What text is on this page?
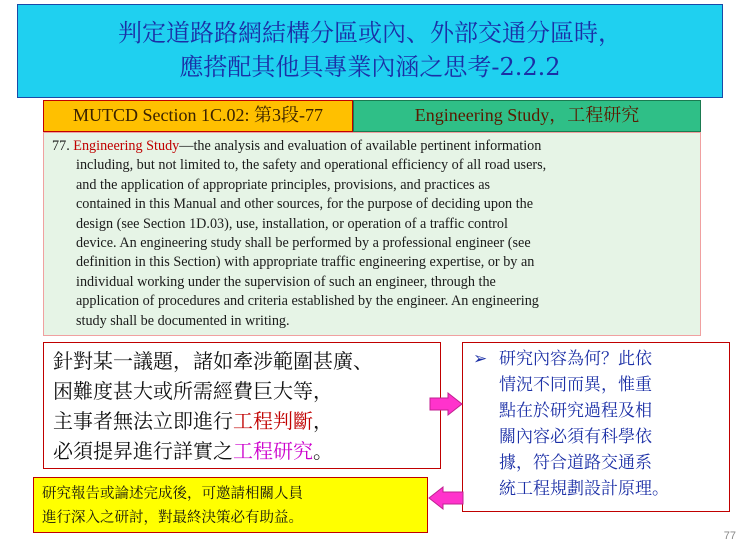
判定道路路網結構分區或內、外部交通分區時，
應搭配其他具專業內涵之思考-2.2.2
MUTCD Section 1C.02: 第3段-77	Engineering Study，工程研究
77. Engineering Study—the analysis and evaluation of available pertinent information
including, but not limited to, the safety and operational efficiency of all road users,
and the application of appropriate principles, provisions, and practices as
contained in this Manual and other sources, for the purpose of deciding upon the
design (see Section 1D.03), use, installation, or operation of a traffic control
device. An engineering study shall be performed by a professional engineer (see
definition in this Section) with appropriate traffic engineering expertise, or by an
individual working under the supervision of such an engineer, through the
application of procedures and criteria established by the engineer. An engineering
study shall be documented in writing.
針對某一議題，諸如牽涉範圍甚廣、
困難度甚大或所需經費巨大等，
主事者無法立即進行工程判斷，
必須提昇進行詳實之工程研究。
➢ 研究內容為何？此依
情況不同而異，惟重
點在於研究過程及相
關內容必須有科學依
據，符合道路交通系
統工程規劃設計原理。
研究報告或論述完成後，可邀請相關人員
進行深入之研討，對最終決策必有助益。
77
